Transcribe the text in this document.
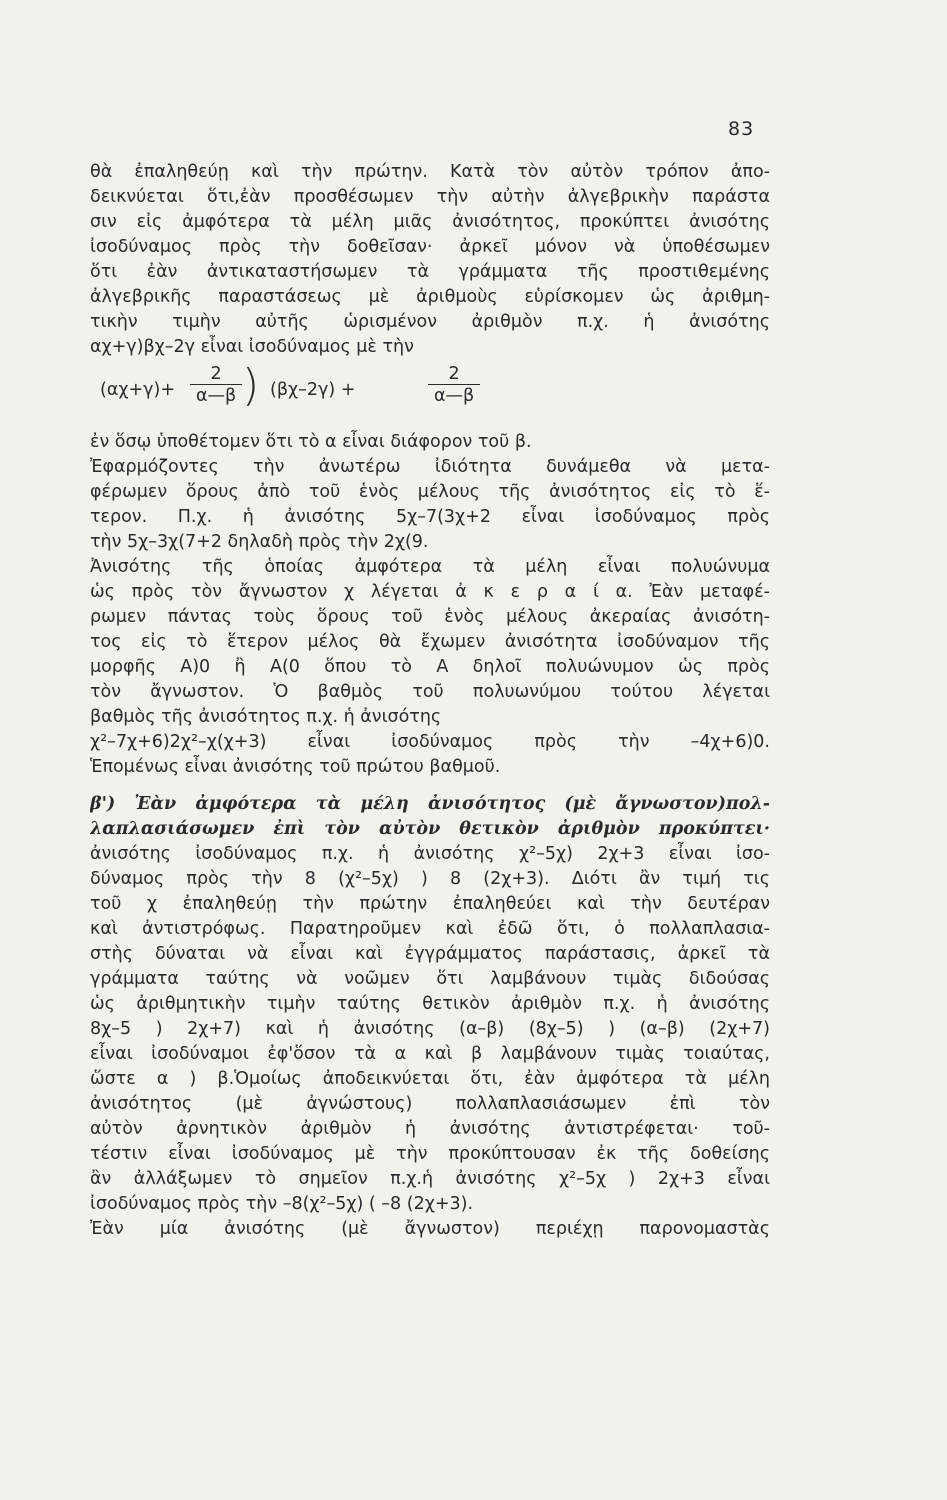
83
θὰ ἐπαληθεύῃ καὶ τὴν πρώτην. Κατὰ τὸν αὐτὸν τρόπον ἀπο-
δεικνύεται ὅτι,ἐὰν προσθέσωμεν τὴν αὐτὴν ἀλγεβρικὴν παράστα
σιν εἰς ἀμφότερα τὰ μέλη μιᾶς ἀνισότητος, προκύπτει ἀνισότης
ἰσοδύναμος πρὸς τὴν δοθεῖσαν· ἀρκεῖ μόνον νὰ ὑποθέσωμεν
ὅτι ἐὰν ἀντικαταστήσωμεν τὰ γράμματα τῆς προστιθεμένης
ἀλγεβρικῆς παραστάσεως μὲ ἀριθμοὺς εὑρίσκομεν ὡς ἀριθμη-
τικὴν τιμὴν αὐτῆς ὡρισμένον ἀριθμὸν π.χ. ἡ ἀνισότης
αχ+γ)βχ–2γ εἶναι ἰσοδύναμος μὲ τὴν
$(\alpha\chi+\gamma)+ \frac{2}{\alpha—\beta}$ ) (βχ–2γ) +	$\frac{2}{\alpha—\beta}$
ἐν ὅσῳ ὑποθέτομεν ὅτι τὸ α εἶναι διάφορον τοῦ β.
Ἐφαρμόζοντες τὴν ἀνωτέρω ἰδιότητα δυνάμεθα νὰ μετα-
φέρωμεν ὅρους ἀπὸ τοῦ ἑνὸς μέλους τῆς ἀνισότητος εἰς τὸ ἕ-
τερον. Π.χ. ἡ ἀνισότης 5χ–7(3χ+2 εἶναι ἰσοδύναμος πρὸς
τὴν 5χ–3χ(7+2 δηλαδὴ πρὸς τὴν 2χ(9.
Ἀνισότης τῆς ὁποίας ἀμφότερα τὰ μέλη εἶναι πολυώνυμα
ὡς πρὸς τὸν ἄγνωστον χ λέγεται ἀ κ ε ρ α ί α. Ἐὰν μεταφέ-
ρωμεν πάντας τοὺς ὅρους τοῦ ἑνὸς μέλους ἀκεραίας ἀνισότη-
τος εἰς τὸ ἕτερον μέλος θὰ ἔχωμεν ἀνισότητα ἰσοδύναμον τῆς
μορφῆς Α)0 ἢ Α(0 ὅπου τὸ Α δηλοῖ πολυώνυμον ὡς πρὸς
τὸν ἄγνωστον. Ὁ βαθμὸς τοῦ πολυωνύμου τούτου λέγεται
βαθμὸς τῆς ἀνισότητος π.χ. ἡ ἀνισότης
χ²–7χ+6)2χ²–χ(χ+3) εἶναι ἰσοδύναμος πρὸς τὴν –4χ+6)0.
Ἑπομένως εἶναι ἀνισότης τοῦ πρώτου βαθμοῦ.
β') Ἐὰν ἀμφότερα τὰ μέλη ἀνισότητος (μὲ ἄγνωστον)πολ-
λαπλασιάσωμεν ἐπὶ τὸν αὐτὸν θετικὸν ἀριθμὸν προκύπτει·
ἀνισότης ἰσοδύναμος π.χ. ἡ ἀνισότης χ²–5χ) 2χ+3 εἶναι ἰσο-
δύναμος πρὸς τὴν 8 (χ²–5χ) ) 8 (2χ+3). Διότι ἂν τιμή τις
τοῦ χ ἐπαληθεύῃ τὴν πρώτην ἐπαληθεύει καὶ τὴν δευτέραν
καὶ ἀντιστρόφως. Παρατηροῦμεν καὶ ἐδῶ ὅτι, ὁ πολλαπλασια-
στὴς δύναται νὰ εἶναι καὶ ἐγγράμματος παράστασις, ἀρκεῖ τὰ
γράμματα ταύτης νὰ νοῶμεν ὅτι λαμβάνουν τιμὰς διδούσας
ὡς ἀριθμητικὴν τιμὴν ταύτης θετικὸν ἀριθμὸν π.χ. ἡ ἀνισότης
8χ–5 ) 2χ+7) καὶ ἡ ἀνισότης (α–β) (8χ–5) ) (α–β) (2χ+7)
εἶναι ἰσοδύναμοι ἐφ'ὅσον τὰ α καὶ β λαμβάνουν τιμὰς τοιαύτας,
ὥστε α ) β.Ὁμοίως ἀποδεικνύεται ὅτι, ἐὰν ἀμφότερα τὰ μέλη
ἀνισότητος (μὲ ἀγνώστους) πολλαπλασιάσωμεν ἐπὶ τὸν
αὐτὸν ἀρνητικὸν ἀριθμὸν ἡ ἀνισότης ἀντιστρέφεται· τοῦ-
τέστιν εἶναι ἰσοδύναμος μὲ τὴν προκύπτουσαν ἐκ τῆς δοθείσης
ἂν ἀλλάξωμεν τὸ σημεῖον π.χ.ἡ ἀνισότης χ²–5χ ) 2χ+3 εἶναι
ἰσοδύναμος πρὸς τὴν –8(χ²–5χ) ( –8 (2χ+3).
Ἐὰν μία ἀνισότης (μὲ ἄγνωστον) περιέχῃ παρονομαστὰς
